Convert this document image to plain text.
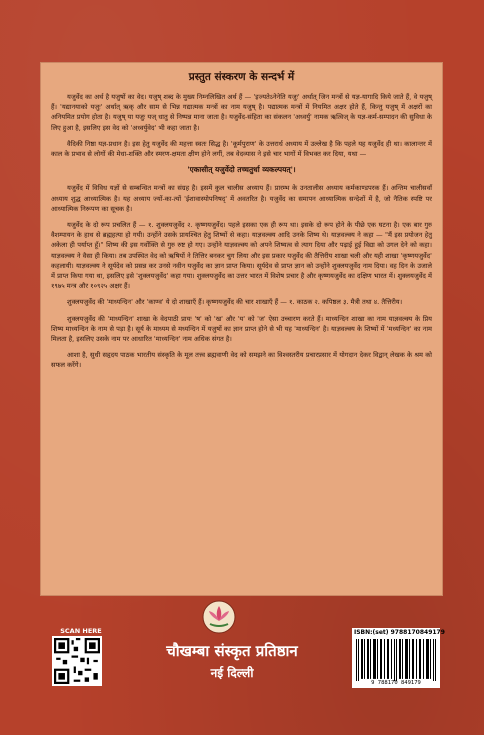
प्रस्तुत संस्करण के सन्दर्भ में

यजुर्वेद का अर्थ है यजुषों का वेद। यजुष् शब्द के मुख्य निम्नलिखित अर्थ हैं — 'इज्यतेऽनेनेति यजुः' अर्थात् जिन मन्त्रों से यज्ञ-यागादि किये जाते हैं, वे यजुष् हैं। 'यद्यानयाको यजुः' अर्थात् ऋक् और साम से भिन्न गद्यात्मक मन्त्रों का नाम यजुष् है। पद्यात्मक मन्त्रों में नियमित अक्षर होते हैं, किन्तु यजुष् में अक्षरों का अनियमित प्रयोग होता है। यजुष् या यजुः यज् धातु से निष्पन्न माना जाता है। यजुर्वेद-संहिता का संकलन 'अध्वर्यु' नामक ऋत्विज् के यज्ञ-कर्म-सम्पादन की सुविधा के लिए हुआ है, इसलिए इस वेद को 'अध्वर्युवेद' भी कहा जाता है।

वैदिकी निष्ठा यज्ञ-प्रधान है। इस हेतु यजुर्वेद की महत्ता स्वतः सिद्ध है। 'कूर्मपुराण' के उत्तरार्ध अध्याय में उल्लेख है कि पहले यह यजुर्वेद ही था। कालान्तर में काल के प्रभाव से लोगों की मेधा-शक्ति और स्मरण-क्षमता क्षीण होने लगीं, तब वेदव्यास ने इसे चार भागों में विभक्त कर दिया, यथा —

'एकासीत् यजुर्वेदो तच्चतुर्धा व्यकल्पयत्'।

यजुर्वेद में विविध यज्ञों से सम्बन्धित मन्त्रों का संग्रह है। इसमें कुल चालीस अध्याय हैं। प्रारम्भ के उनतालीस अध्याय कर्मकाण्डपरक हैं। अन्तिम चालीसवाँ अध्याय शुद्ध आध्यात्मिक है। यह अध्याय ज्यों-का-त्यों 'ईशावास्योपनिषद्' में अवतरित है। यजुर्वेद का समापन आध्यात्मिक सन्देशों में है, जो नैतिक स्पष्टि पर आध्यात्मिक निरूपण का सूचक है।

यजुर्वेद के दो रूप प्रचलित हैं — १. शुक्लयजुर्वेद २. कृष्णयजुर्वेद। पहले इसका एक ही रूप था। इसके दो रूप होने के पीछे एक घटना है। एक बार गुरु वैशम्पायन के हाथ से ब्रह्महत्या हो गयी। उन्होंने उसके प्रायश्चित हेतु शिष्यों से कहा। याज्ञवल्क्य आदि उनके शिष्य थे। याज्ञवल्क्य ने कहा — "मैं इस प्रयोजन हेतु अकेला ही पर्याप्त हूँ।" शिष्य की इस गर्वोक्ति से गुरु रुष्ट हो गए। उन्होंने याज्ञवल्क्य को अपने शिष्यत्व से त्याग दिया और पढ़ाई हुई विद्या को उगल देने को कहा। याज्ञवल्क्य ने वैसा ही किया। तब उपस्थित वेद को ऋषियों ने तित्तिर बनकर चुग लिया और इस प्रकार यजुर्वेद की तैत्तिरीय शाखा चली और यही शाखा 'कृष्णयजुर्वेद' कहलायी। याज्ञवल्क्य ने सूर्यदेव को प्रसन्न कर उनसे नवीन यजुर्वेद का ज्ञान प्राप्त किया। सूर्यदेव से प्राप्त ज्ञान को उन्होंने शुक्लयजुर्वेद नाम दिया। वह दिन के उजाले में प्राप्त किया गया था, इसलिए इसे 'शुक्लयजुर्वेद' कहा गया। शुक्लयजुर्वेद का उत्तर भारत में विशेष प्रचार है और कृष्णयजुर्वेद का दक्षिण भारत में। शुक्लयजुर्वेद में १९७५ मन्त्र और १०९२५ अक्षर हैं।

शुक्लयजुर्वेद की 'माध्यन्दिन' और 'काण्व' ये दो शाखाएँ हैं। कृष्णयजुर्वेद की चार शाखाएँ हैं — १. काठक २. कपिष्ठल ३. मैत्री तथा ४. तैत्तिरीय।

शुक्लयजुर्वेद की 'माध्यन्दिन' शाखा के वेदपाठी प्रायः 'ष' को 'ख' और 'य' को 'ज' ऐसा उच्चारण करते हैं। माध्यन्दिन शाखा का नाम याज्ञवल्क्य के प्रिय शिष्य माध्यन्दिन के नाम से पड़ा है। सूर्य के माध्यम से मध्यन्दिन में यजुषों का ज्ञान प्राप्त होने से भी यह 'माध्यन्दिन' है। याज्ञवल्क्य के शिष्यों में 'मध्यन्दिन' का नाम मिलता है, इसलिए उसके नाम पर आधारित 'माध्यन्दिन' नाम अधिक संगत है।

आशा है, सुधी सहृदय पाठक भारतीय संस्कृति के मूल तत्त्व ब्रह्मवाणी वेद को समझने का विश्वस्तरीय प्रचारप्रसार में योगदान देकर विद्वान् लेखक के श्रम को सफल करेंगे।

SCAN HERE
चौखम्बा संस्कृत प्रतिष्ठान
नई दिल्ली
ISBN:(set) 9788170849179
9 788170 849179
